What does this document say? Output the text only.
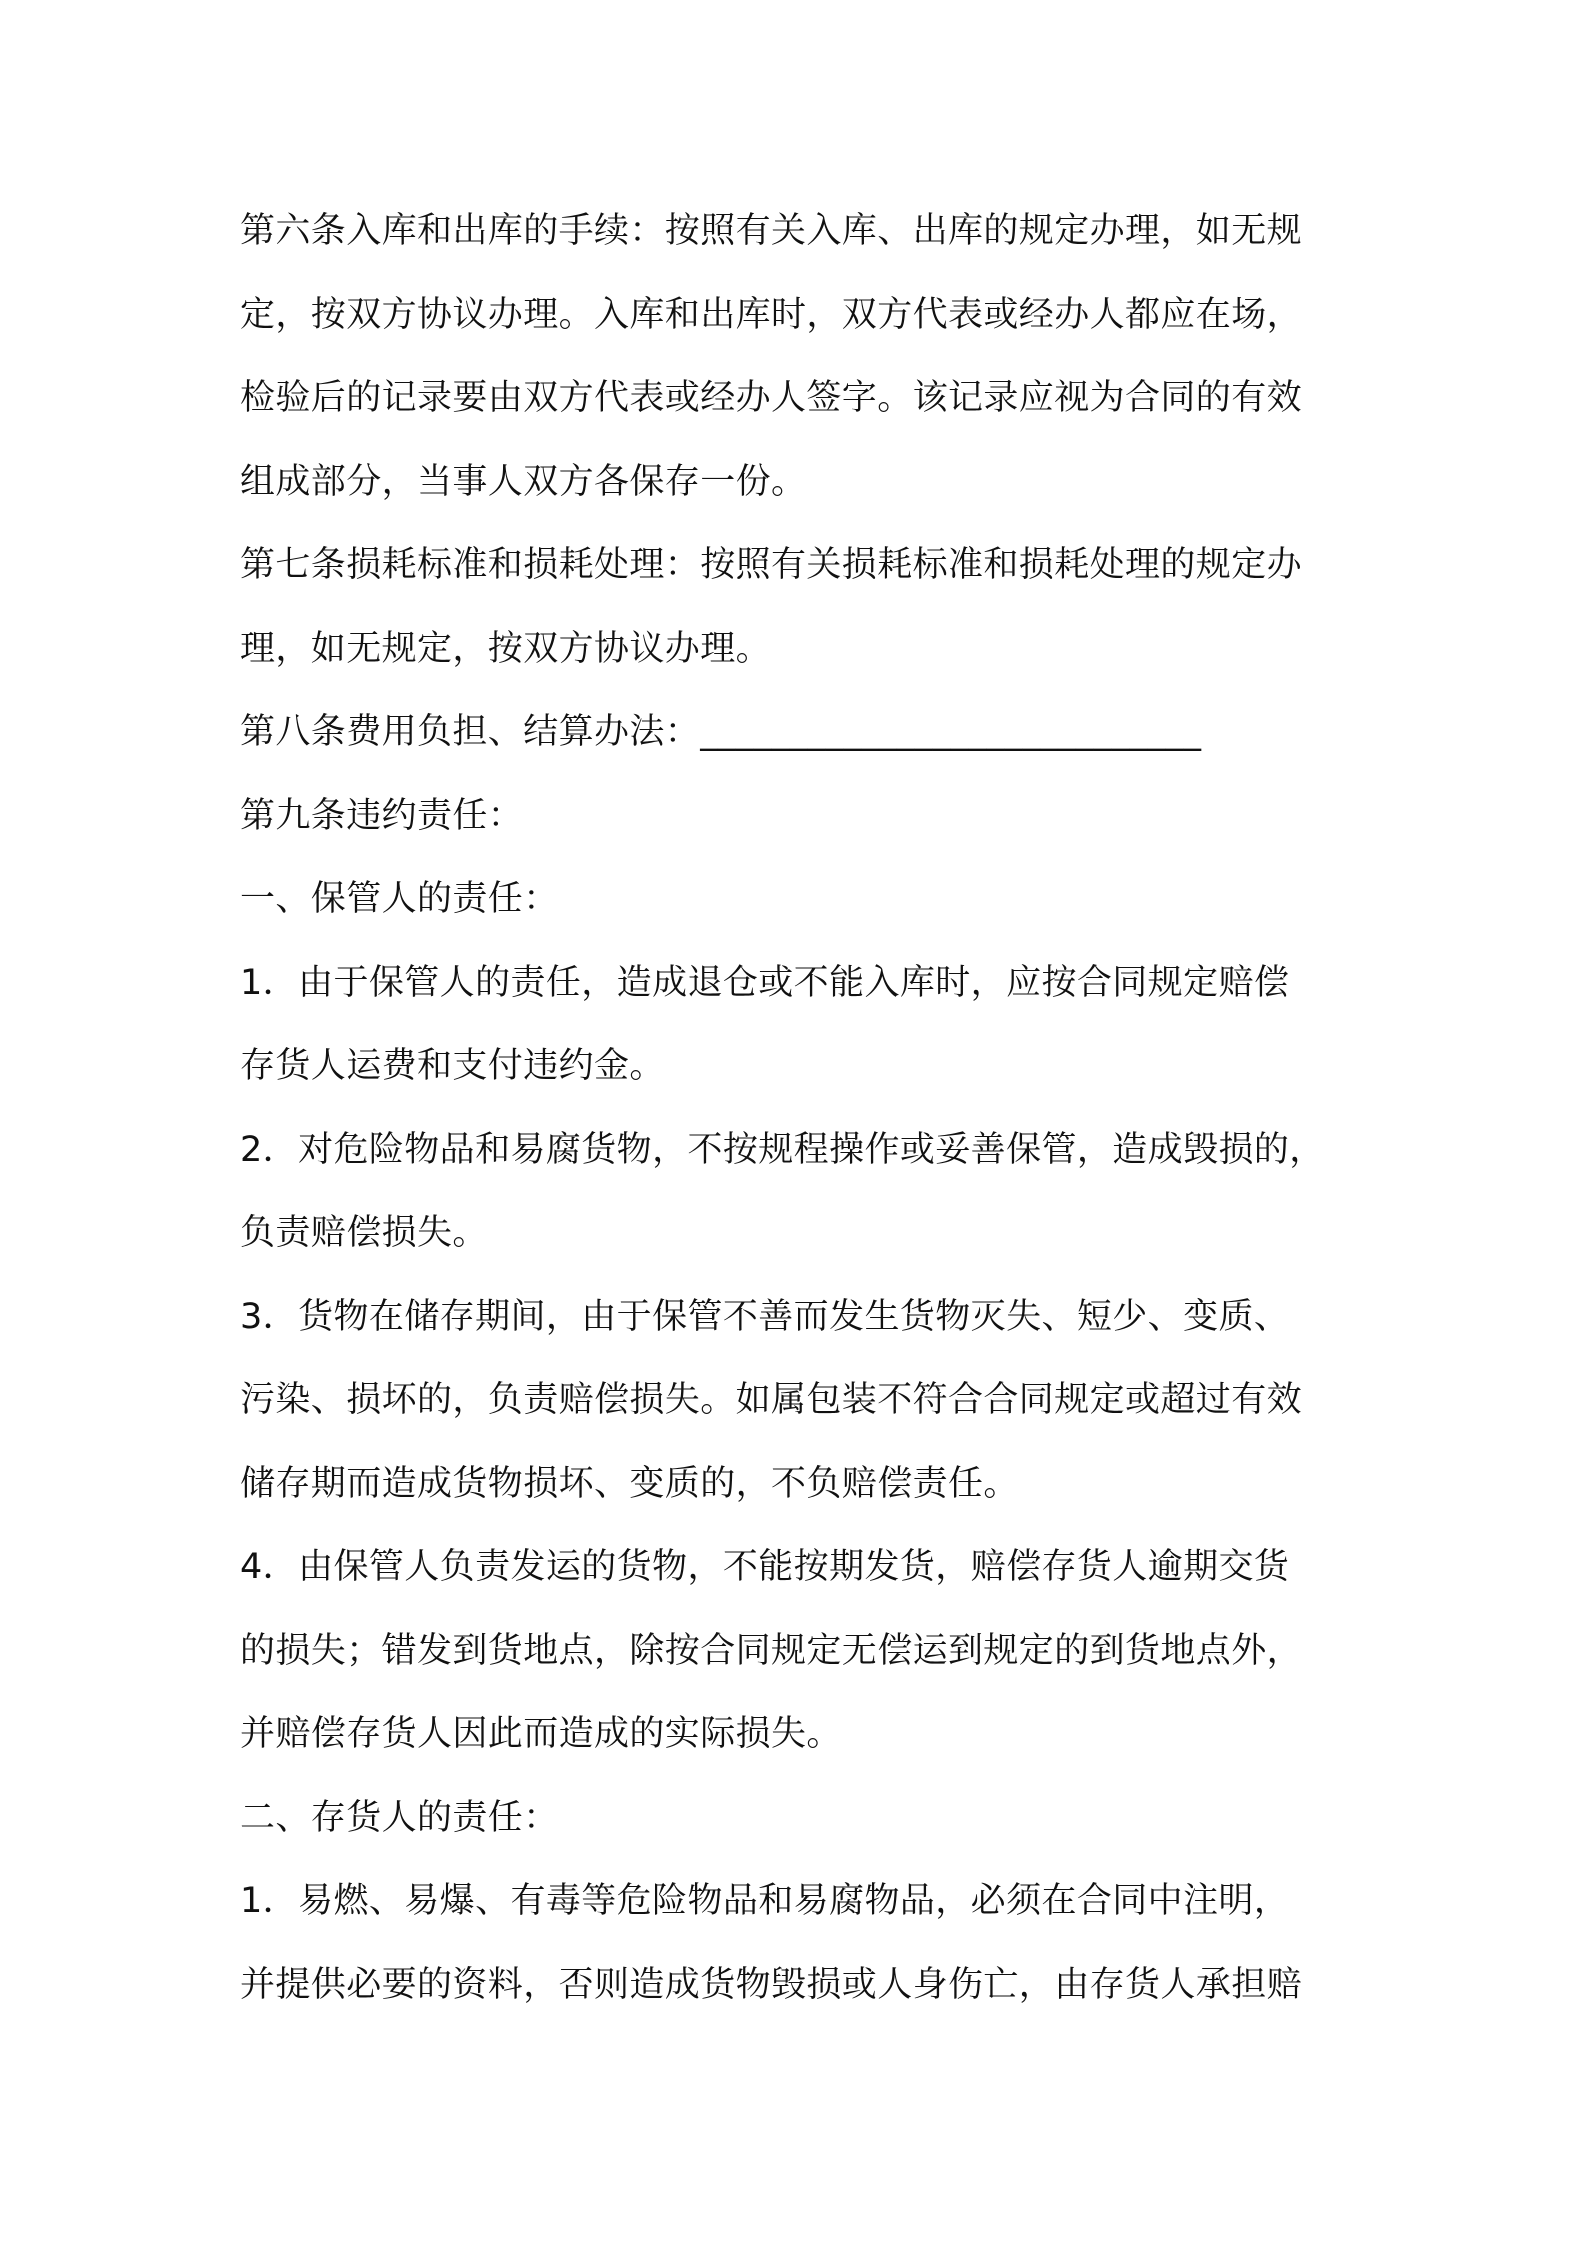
第六条入库和出库的手续：按照有关入库、出库的规定办理，如无规

定，按双方协议办理。入库和出库时，双方代表或经办人都应在场，

检验后的记录要由双方代表或经办人签字。该记录应视为合同的有效

组成部分，当事人双方各保存一份。

第七条损耗标准和损耗处理：按照有关损耗标准和损耗处理的规定办

理，如无规定，按双方协议办理。

第八条费用负担、结算办法：____________________________

第九条违约责任：

一、保管人的责任：

1．由于保管人的责任，造成退仓或不能入库时，应按合同规定赔偿

存货人运费和支付违约金。

2．对危险物品和易腐货物，不按规程操作或妥善保管，造成毁损的，

负责赔偿损失。

3．货物在储存期间，由于保管不善而发生货物灭失、短少、变质、

污染、损坏的，负责赔偿损失。如属包装不符合合同规定或超过有效

储存期而造成货物损坏、变质的，不负赔偿责任。

4．由保管人负责发运的货物，不能按期发货，赔偿存货人逾期交货

的损失；错发到货地点，除按合同规定无偿运到规定的到货地点外，

并赔偿存货人因此而造成的实际损失。

二、存货人的责任：

1．易燃、易爆、有毒等危险物品和易腐物品，必须在合同中注明，

并提供必要的资料，否则造成货物毁损或人身伤亡，由存货人承担赔
